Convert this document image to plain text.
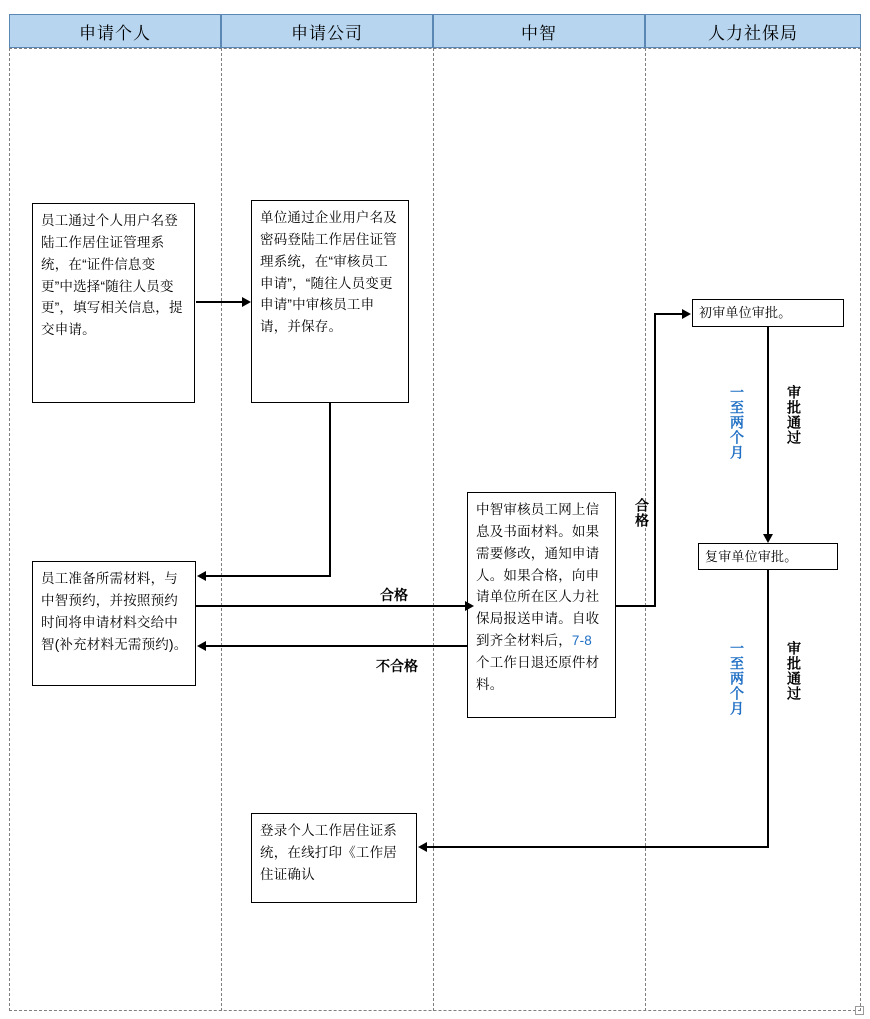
申请个人	申请公司	中智	人力社保局
员工通过个人用户名登陆工作居住证管理系统，在“证件信息变更”中选择“随往人员变更”，填写相关信息，提交申请。
单位通过企业用户名及密码登陆工作居住证管理系统，在“审核员工申请”，“随往人员变更申请”中审核员工申请，并保存。
员工准备所需材料，与中智预约，并按照预约时间将申请材料交给中智(补充材料无需预约)。
中智审核员工网上信息及书面材料。如果需要修改，通知申请人。如果合格，向申请单位所在区人力社保局报送申请。自收到齐全材料后，7-8 个工作日退还原件材料。
初审单位审批。
复审单位审批。
登录个人工作居住证系统，在线打印《工作居住证确认
合格
不合格
合格
一至两个月	审批通过
一至两个月	审批通过
